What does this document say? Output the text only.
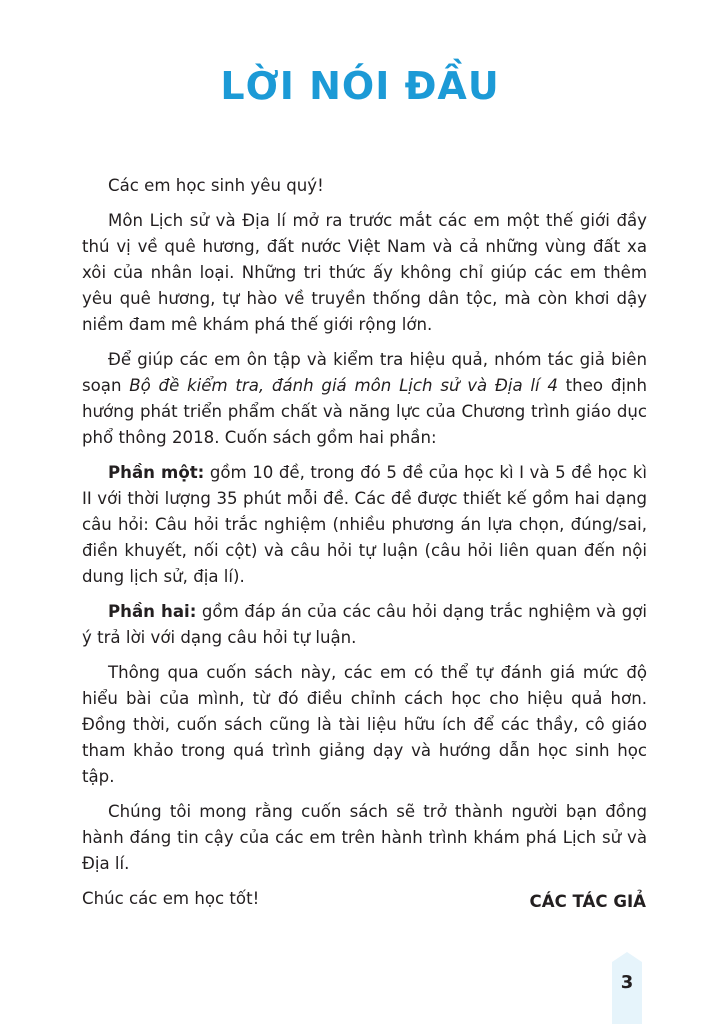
LỜI NÓI ĐẦU

Các em học sinh yêu quý!

Môn Lịch sử và Địa lí mở ra trước mắt các em một thế giới đầy thú vị về quê hương, đất nước Việt Nam và cả những vùng đất xa xôi của nhân loại. Những tri thức ấy không chỉ giúp các em thêm yêu quê hương, tự hào về truyền thống dân tộc, mà còn khơi dậy niềm đam mê khám phá thế giới rộng lớn.

Để giúp các em ôn tập và kiểm tra hiệu quả, nhóm tác giả biên soạn Bộ đề kiểm tra, đánh giá môn Lịch sử và Địa lí 4 theo định hướng phát triển phẩm chất và năng lực của Chương trình giáo dục phổ thông 2018. Cuốn sách gồm hai phần:

Phần một: gồm 10 đề, trong đó 5 đề của học kì I và 5 đề học kì II với thời lượng 35 phút mỗi đề. Các đề được thiết kế gồm hai dạng câu hỏi: Câu hỏi trắc nghiệm (nhiều phương án lựa chọn, đúng/sai, điền khuyết, nối cột) và câu hỏi tự luận (câu hỏi liên quan đến nội dung lịch sử, địa lí).

Phần hai: gồm đáp án của các câu hỏi dạng trắc nghiệm và gợi ý trả lời với dạng câu hỏi tự luận.

Thông qua cuốn sách này, các em có thể tự đánh giá mức độ hiểu bài của mình, từ đó điều chỉnh cách học cho hiệu quả hơn. Đồng thời, cuốn sách cũng là tài liệu hữu ích để các thầy, cô giáo tham khảo trong quá trình giảng dạy và hướng dẫn học sinh học tập.

Chúng tôi mong rằng cuốn sách sẽ trở thành người bạn đồng hành đáng tin cậy của các em trên hành trình khám phá Lịch sử và Địa lí.

Chúc các em học tốt!	CÁC TÁC GIẢ
3
